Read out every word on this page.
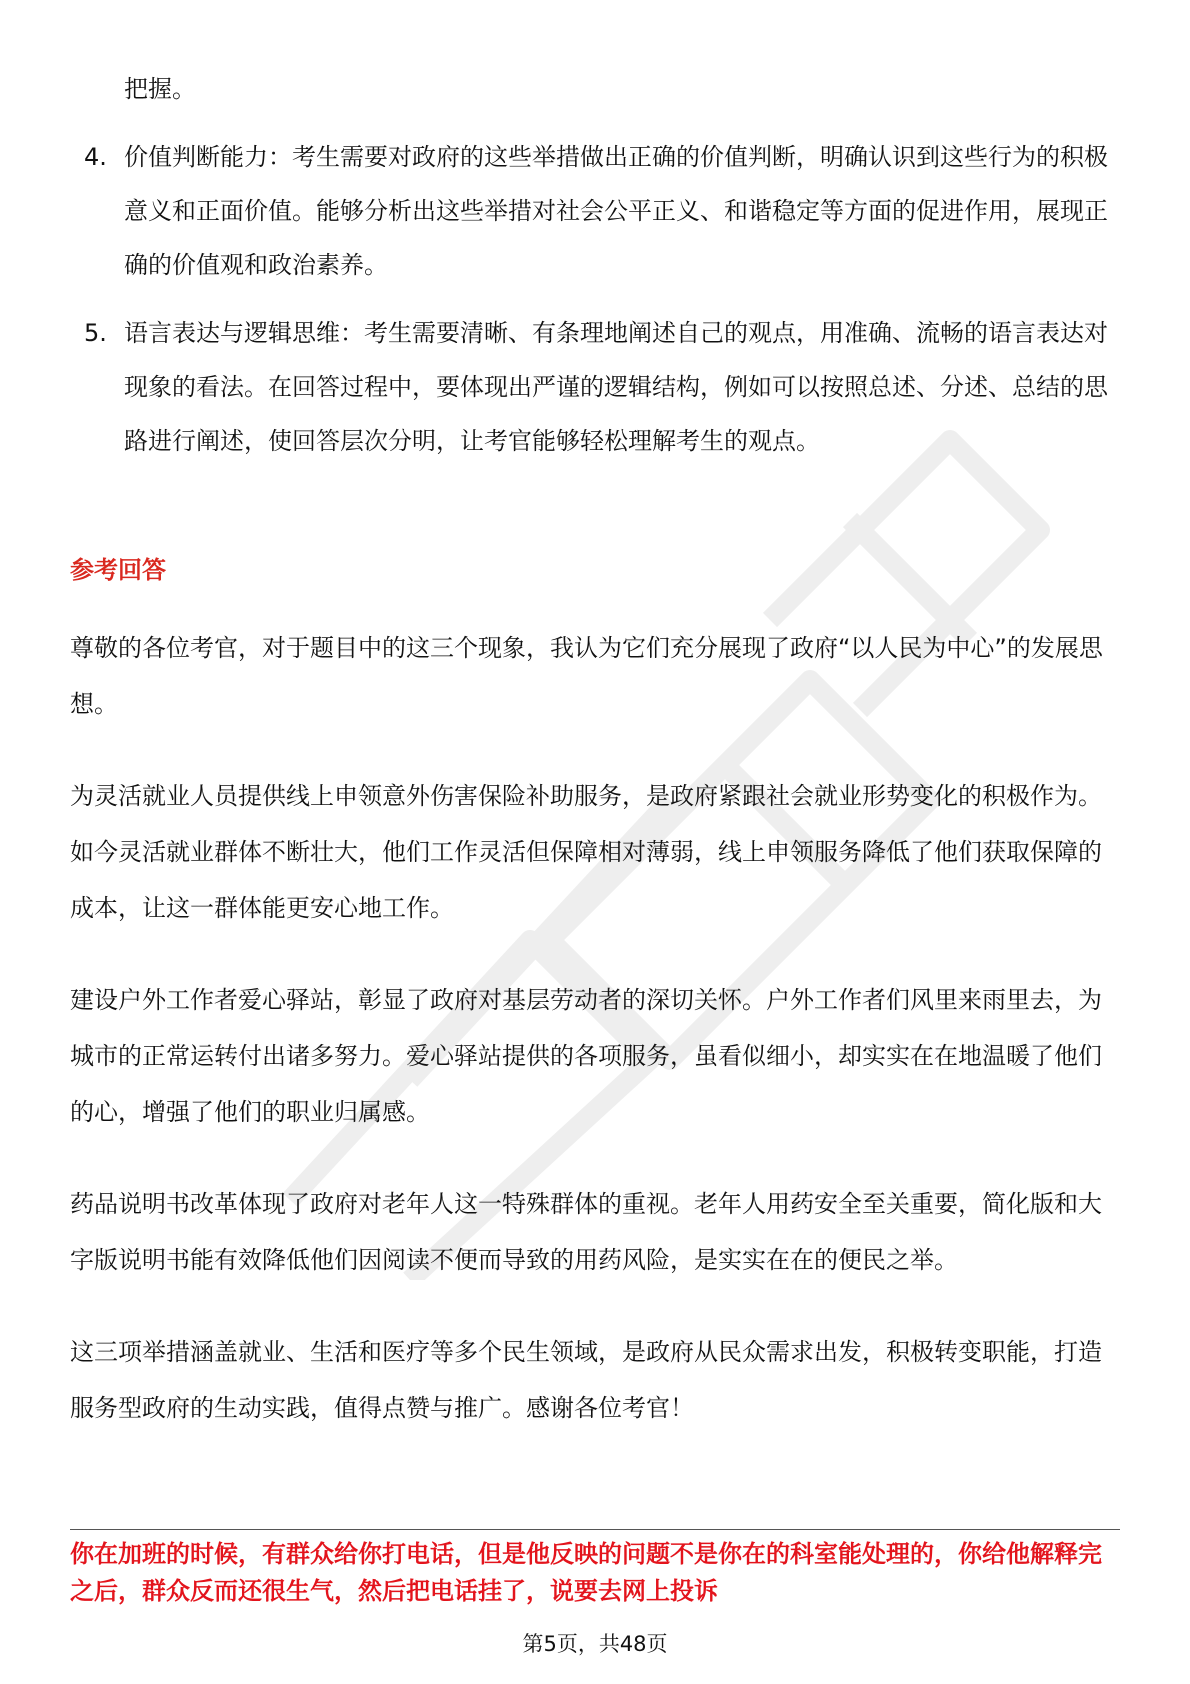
把握。
4. 价值判断能力：考生需要对政府的这些举措做出正确的价值判断，明确认识到这些行为的积极意义和正面价值。能够分析出这些举措对社会公平正义、和谐稳定等方面的促进作用，展现正确的价值观和政治素养。
5. 语言表达与逻辑思维：考生需要清晰、有条理地阐述自己的观点，用准确、流畅的语言表达对现象的看法。在回答过程中，要体现出严谨的逻辑结构，例如可以按照总述、分述、总结的思路进行阐述，使回答层次分明，让考官能够轻松理解考生的观点。
参考回答

尊敬的各位考官，对于题目中的这三个现象，我认为它们充分展现了政府“以人民为中心”的发展思想。

为灵活就业人员提供线上申领意外伤害保险补助服务，是政府紧跟社会就业形势变化的积极作为。如今灵活就业群体不断壮大，他们工作灵活但保障相对薄弱，线上申领服务降低了他们获取保障的成本，让这一群体能更安心地工作。

建设户外工作者爱心驿站，彰显了政府对基层劳动者的深切关怀。户外工作者们风里来雨里去，为城市的正常运转付出诸多努力。爱心驿站提供的各项服务，虽看似细小，却实实在在地温暖了他们的心，增强了他们的职业归属感。

药品说明书改革体现了政府对老年人这一特殊群体的重视。老年人用药安全至关重要，简化版和大字版说明书能有效降低他们因阅读不便而导致的用药风险，是实实在在的便民之举。

这三项举措涵盖就业、生活和医疗等多个民生领域，是政府从民众需求出发，积极转变职能，打造服务型政府的生动实践，值得点赞与推广。感谢各位考官！

你在加班的时候，有群众给你打电话，但是他反映的问题不是你在的科室能处理的，你给他解释完之后，群众反而还很生气，然后把电话挂了，说要去网上投诉
第5页，共48页
